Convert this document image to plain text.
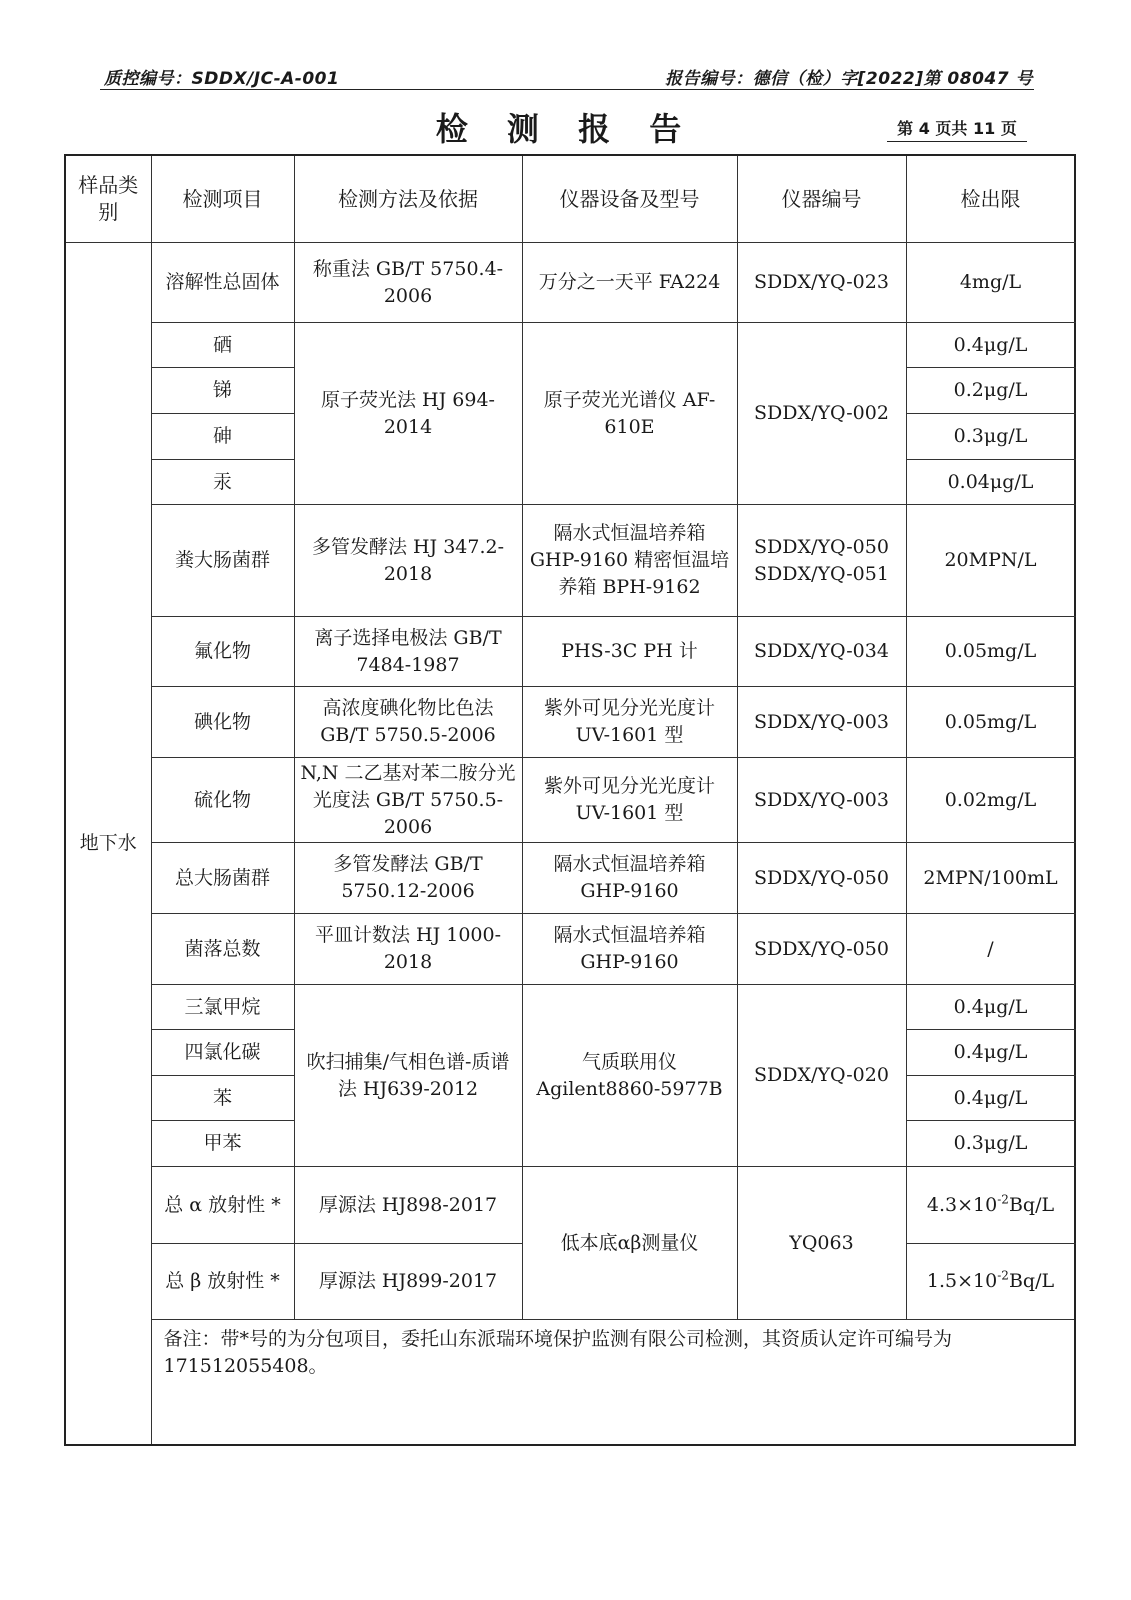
质控编号：SDDX/JC-A-001	报告编号：德信（检）字[2022]第 08047 号
检 测 报 告	第 4 页共 11 页
样品类别	检测项目	检测方法及依据	仪器设备及型号	仪器编号	检出限
地下水	溶解性总固体	称重法 GB/T 5750.4-2006	万分之一天平 FA224	SDDX/YQ-023	4mg/L
	硒	原子荧光法 HJ 694-2014	原子荧光光谱仪 AF-610E	SDDX/YQ-002	0.4μg/L
	锑				0.2μg/L
	砷				0.3μg/L
	汞				0.04μg/L
	粪大肠菌群	多管发酵法 HJ 347.2-2018	隔水式恒温培养箱 GHP-9160 精密恒温培养箱 BPH-9162	SDDX/YQ-050 SDDX/YQ-051	20MPN/L
	氟化物	离子选择电极法 GB/T 7484-1987	PHS-3C PH 计	SDDX/YQ-034	0.05mg/L
	碘化物	高浓度碘化物比色法 GB/T 5750.5-2006	紫外可见分光光度计 UV-1601 型	SDDX/YQ-003	0.05mg/L
	硫化物	N,N 二乙基对苯二胺分光光度法 GB/T 5750.5-2006	紫外可见分光光度计 UV-1601 型	SDDX/YQ-003	0.02mg/L
	总大肠菌群	多管发酵法 GB/T 5750.12-2006	隔水式恒温培养箱 GHP-9160	SDDX/YQ-050	2MPN/100mL
	菌落总数	平皿计数法 HJ 1000-2018	隔水式恒温培养箱 GHP-9160	SDDX/YQ-050	/
	三氯甲烷	吹扫捕集/气相色谱-质谱法 HJ639-2012	气质联用仪 Agilent8860-5977B	SDDX/YQ-020	0.4μg/L
	四氯化碳				0.4μg/L
	苯				0.4μg/L
	甲苯				0.3μg/L
	总 α 放射性 *	厚源法 HJ898-2017	低本底αβ测量仪	YQ063	$4.3\times 10^{-2}Bq/L$
	总 β 放射性 *	厚源法 HJ899-2017			$1.5\times 10^{-2}Bq/L$
	备注：带*号的为分包项目，委托山东派瑞环境保护监测有限公司检测，其资质认定许可编号为171512055408。				
